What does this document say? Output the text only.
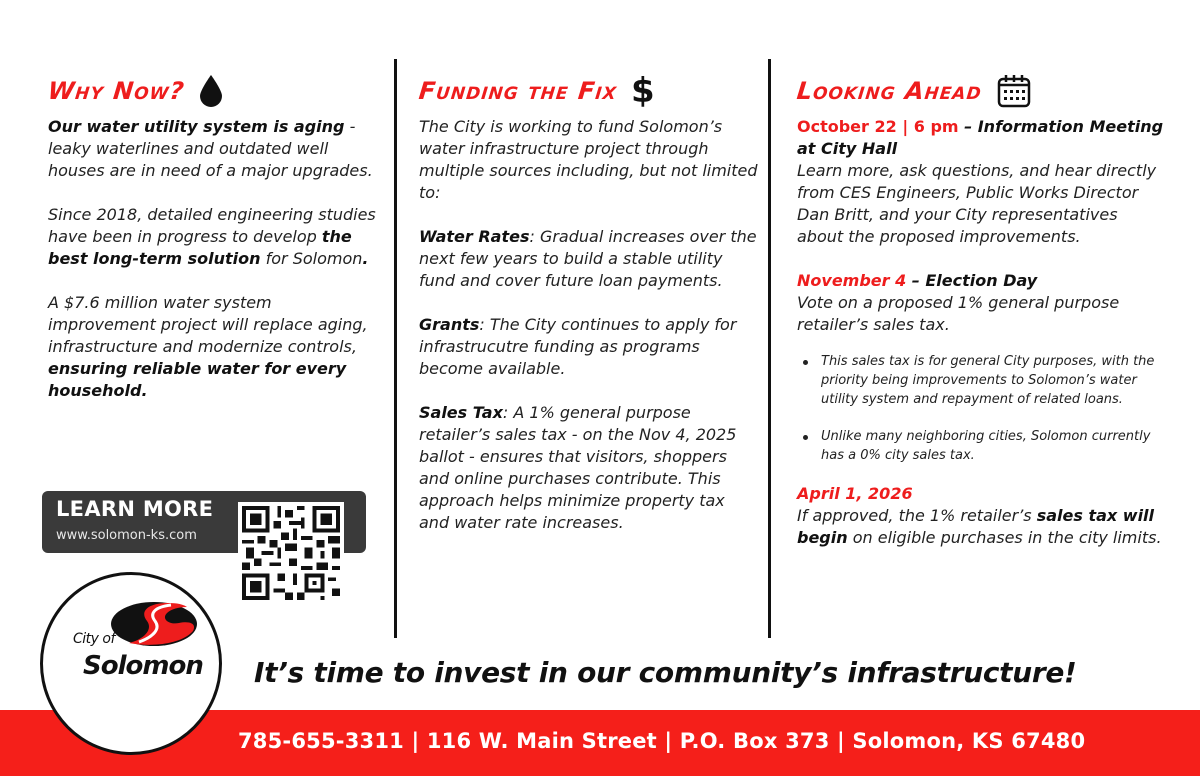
Why Now?

Our water utility system is aging - leaky waterlines and outdated well houses are in need of a major upgrades.

Since 2018, detailed engineering studies have been in progress to develop the best long-term solution for Solomon.

A $7.6 million water system improvement project will replace aging, infrastructure and modernize controls, ensuring reliable water for every household.

Funding the Fix $

The City is working to fund Solomon’s water infrastructure project through multiple sources including, but not limited to:

Water Rates: Gradual increases over the next few years to build a stable utility fund and cover future loan payments.

Grants: The City continues to apply for infrastrucutre funding as programs become available.

Sales Tax: A 1% general purpose retailer’s sales tax - on the Nov 4, 2025 ballot - ensures that visitors, shoppers and online purchases contribute. This approach helps minimize property tax and water rate increases.

Looking Ahead

October 22 | 6 pm – Information Meeting at City Hall

Learn more, ask questions, and hear directly from CES Engineers, Public Works Director Dan Britt, and your City representatives about the proposed improvements.

November 4 – Election Day

Vote on a proposed 1% general purpose retailer’s sales tax.

This sales tax is for general City purposes, with the priority being improvements to Solomon’s water utility system and repayment of related loans.
Unlike many neighboring cities, Solomon currently has a 0% city sales tax.

April 1, 2026

If approved, the 1% retailer’s sales tax will begin on eligible purchases in the city limits.

LEARN MORE
www.solomon-ks.com
It’s time to invest in our community’s infrastructure!
785-655-3311 | 116 W. Main Street | P.O. Box 373 | Solomon, KS 67480
City of
Solomon
